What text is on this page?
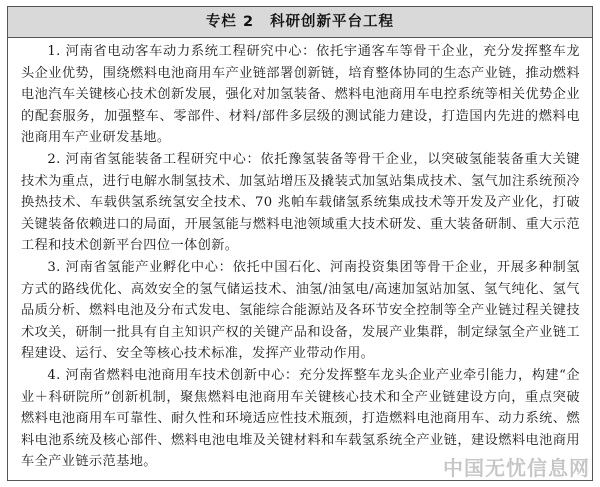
专栏 2 科研创新平台工程

1. 河南省电动客车动力系统工程研究中心：依托宇通客车等骨干企业，充分发挥整车龙头企业优势，围绕燃料电池商用车产业链部署创新链，培育整体协同的生态产业链，推动燃料电池汽车关键核心技术创新发展，强化对加氢装备、燃料电池商用车电控系统等相关优势企业的配套服务，加强整车、零部件、材料/部件多层级的测试能力建设，打造国内先进的燃料电池商用车产业研发基地。

2. 河南省氢能装备工程研究中心：依托豫氢装备等骨干企业，以突破氢能装备重大关键技术为重点，进行电解水制氢技术、加氢站增压及撬装式加氢站集成技术、氢气加注系统预冷换热技术、车载供氢系统氢安全技术、70 兆帕车载储氢系统集成技术等开发及产业化，打破关键装备依赖进口的局面，开展氢能与燃料电池领域重大技术研发、重大装备研制、重大示范工程和技术创新平台四位一体创新。

3. 河南省氢能产业孵化中心：依托中国石化、河南投资集团等骨干企业，开展多种制氢方式的路线优化、高效安全的氢气储运技术、油氢/油氢电/高速加氢站加氢、氢气纯化、氢气品质分析、燃料电池及分布式发电、氢能综合能源站及各环节安全控制等全产业链过程关键技术攻关，研制一批具有自主知识产权的关键产品和设备，发展产业集群，制定绿氢全产业链工程建设、运行、安全等核心技术标准，发挥产业带动作用。

4. 河南省燃料电池商用车技术创新中心：充分发挥整车龙头企业产业牵引能力，构建“企业＋科研院所”创新机制，聚焦燃料电池商用车关键核心技术和全产业链建设方向，重点突破燃料电池商用车可靠性、耐久性和环境适应性技术瓶颈，打造燃料电池商用车、动力系统、燃料电池系统及核心部件、燃料电池电堆及关键材料和车载氢系统全产业链，建设燃料电池商用车全产业链示范基地。	中国无忧信息网
